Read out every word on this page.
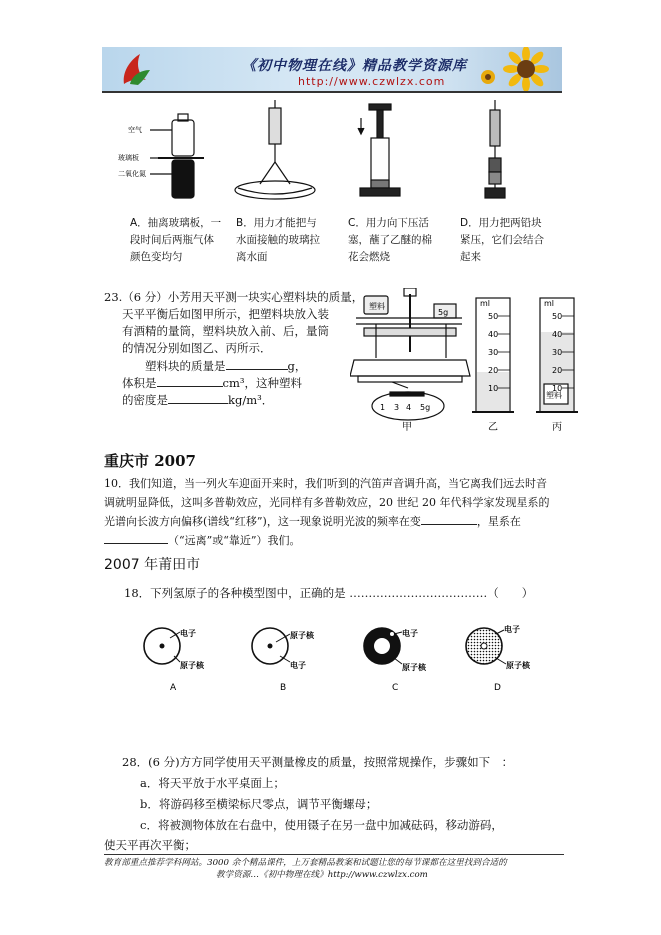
《初中物理在线》精品教学资源库
http://www.czwlzx.com
空气
玻璃板
二氧化氮
A．抽离玻璃板，一
段时间后两瓶气体
颜色变均匀
B．用力才能把与
水面接触的玻璃拉
离水面
C．用力向下压活
塞，蘸了乙醚的棉
花会燃烧
D．用力把两铅块
紧压，它们会结合
起来
23.（6 分）小芳用天平测一块实心塑料块的质量，
天平平衡后如图甲所示，把塑料块放入装
有酒精的量筒，塑料块放入前、后，量筒
的情况分别如图乙、丙所示．
塑料块的质量是	g，
体积是	cm³，这种塑料
的密度是	kg/m³．
塑料
5g
1 3 4 5g
ml
50
40
30
20
10
ml
50
40
30
20
10
塑料
甲	乙	丙
重庆市 2007
10．我们知道，当一列火车迎面开来时，我们听到的汽笛声音调升高，当它离我们远去时音
调就明显降低，这叫多普勒效应，光同样有多普勒效应，20 世纪 20 年代科学家发现星系的
光谱向长波方向偏移(谱线“红移”)，这一现象说明光波的频率在变	，星系在
（“远离”或“靠近”）我们。
2007 年莆田市
18．下列氢原子的各种模型图中，正确的是 ………………………………（　　）
电子
原子核
A
原子核
电子
B
电子
原子核
C
电子
原子核
D
28．(6 分)方方同学使用天平测量橡皮的质量，按照常规操作，步骤如下　：
a．将天平放于水平桌面上；
b．将游码移至横梁标尺零点，调节平衡螺母；
c．将被测物体放在右盘中，使用镊子在另一盘中加减砝码，移动游码，
使天平再次平衡；
教育部重点推荐学科网站。3000 余个精品课件，上万套精品教案和试题让您的每节课都在这里找到合适的
教学资源…《初中物理在线》http://www.czwlzx.com
